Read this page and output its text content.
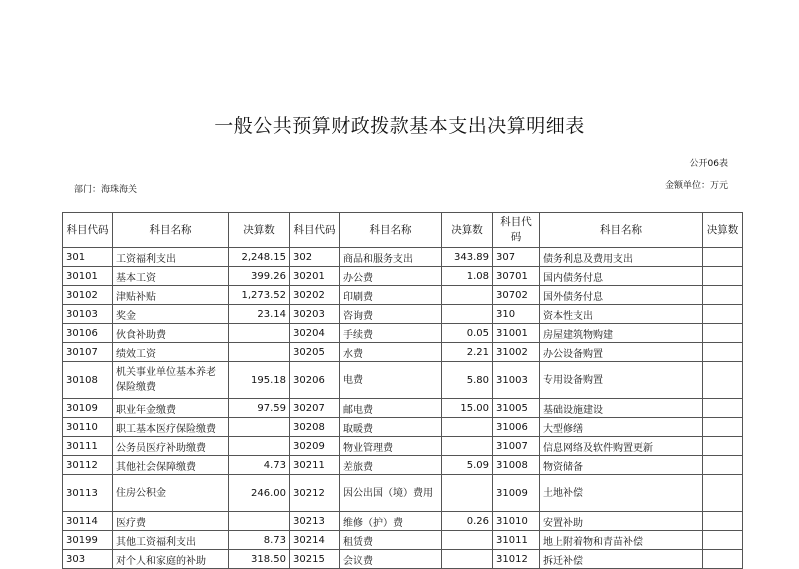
一般公共预算财政拨款基本支出决算明细表
公开06表
部门：海珠海关	金额单位：万元
科目代码	科目名称	决算数	科目代码	科目名称	决算数	科目代码	科目名称	决算数
301	工资福利支出	2,248.15	302	商品和服务支出	343.89	307	债务利息及费用支出	
30101	基本工资	399.26	30201	办公费	1.08	30701	国内债务付息	
30102	津贴补贴	1,273.52	30202	印刷费		30702	国外债务付息	
30103	奖金	23.14	30203	咨询费		310	资本性支出	
30106	伙食补助费		30204	手续费	0.05	31001	房屋建筑物购建	
30107	绩效工资		30205	水费	2.21	31002	办公设备购置	
30108	机关事业单位基本养老保险缴费	195.18	30206	电费	5.80	31003	专用设备购置	
30109	职业年金缴费	97.59	30207	邮电费	15.00	31005	基础设施建设	
30110	职工基本医疗保险缴费		30208	取暖费		31006	大型修缮	
30111	公务员医疗补助缴费		30209	物业管理费		31007	信息网络及软件购置更新	
30112	其他社会保障缴费	4.73	30211	差旅费	5.09	31008	物资储备	
30113	住房公积金	246.00	30212	因公出国（境）费用		31009	土地补偿	
30114	医疗费		30213	维修（护）费	0.26	31010	安置补助	
30199	其他工资福利支出	8.73	30214	租赁费		31011	地上附着物和青苗补偿	
303	对个人和家庭的补助	318.50	30215	会议费		31012	拆迁补偿	
